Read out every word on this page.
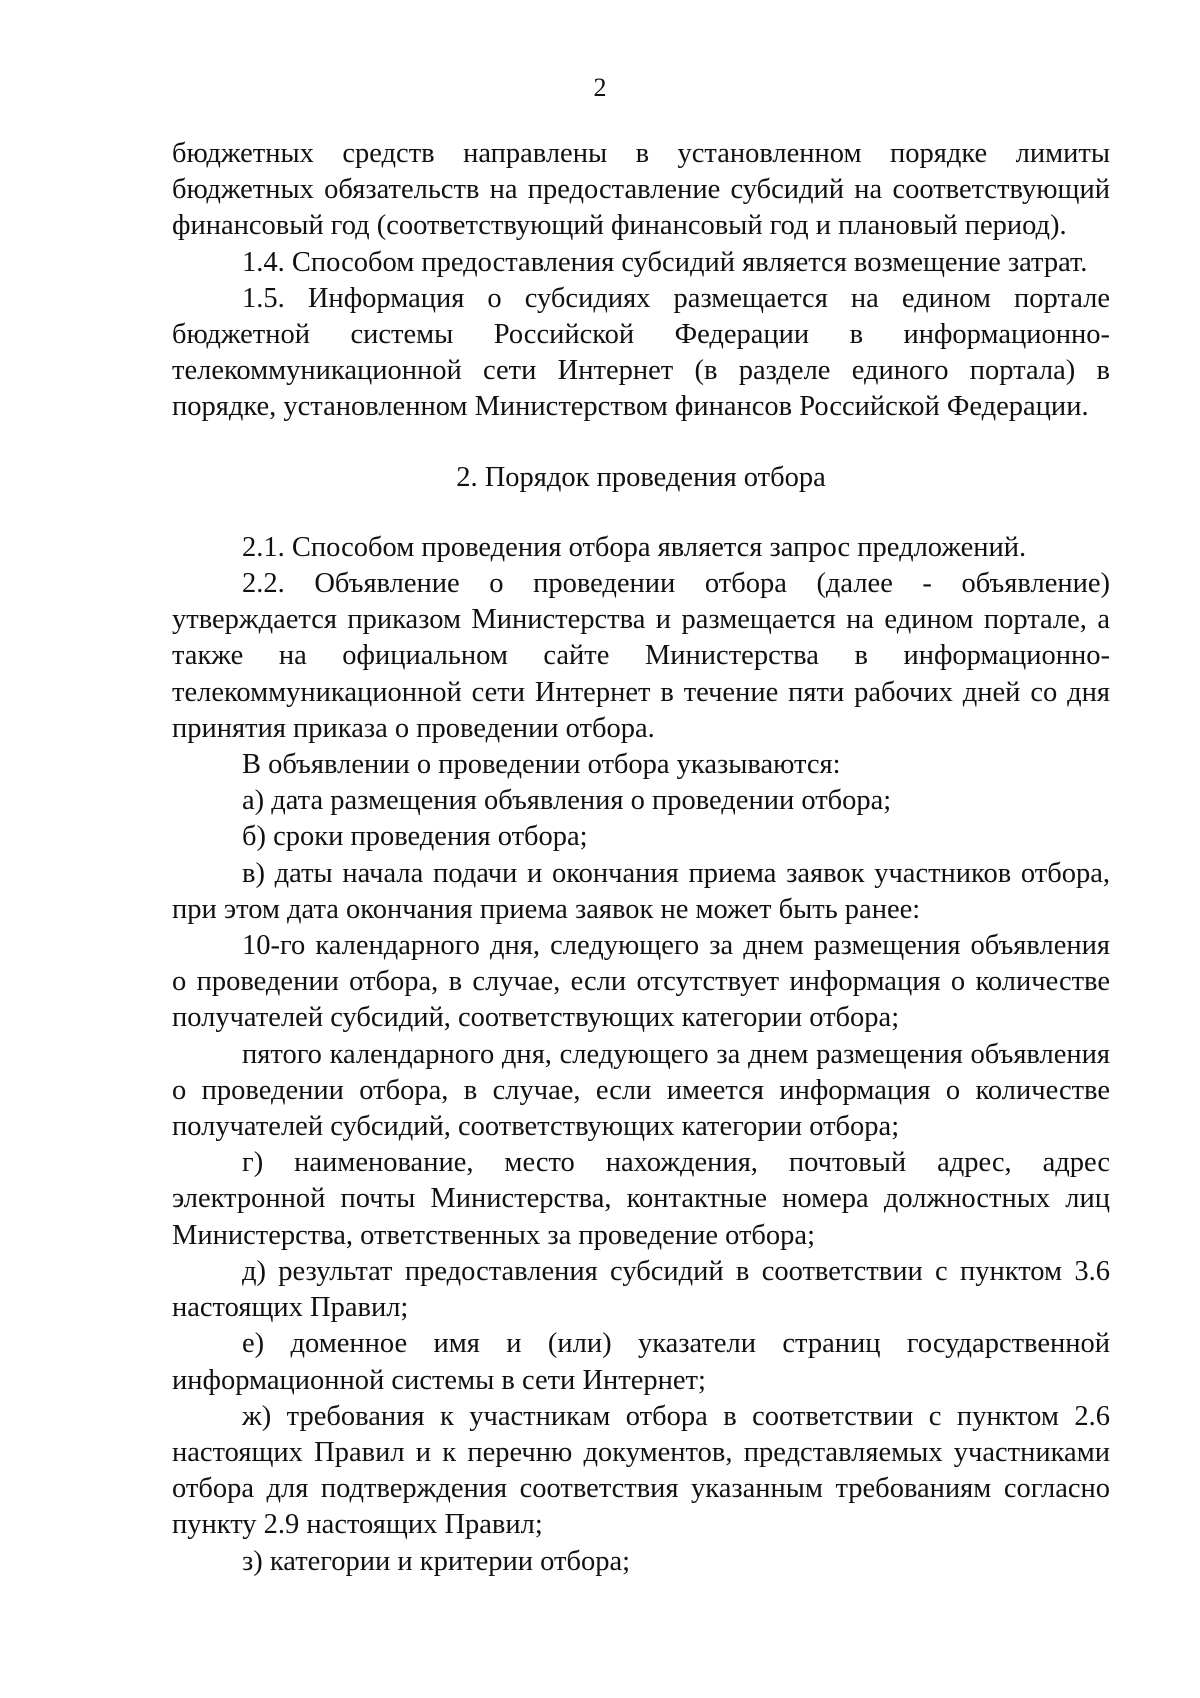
2

бюджетных средств направлены в установленном порядке лимиты бюджетных обязательств на предоставление субсидий на соответствующий финансовый год (соответствующий финансовый год и плановый период).

1.4. Способом предоставления субсидий является возмещение затрат.

1.5. Информация о субсидиях размещается на едином портале бюджетной системы Российской Федерации в информационно-телекоммуникационной сети Интернет (в разделе единого портала) в порядке, установленном Министерством финансов Российской Федерации.

2. Порядок проведения отбора

2.1. Способом проведения отбора является запрос предложений.

2.2. Объявление о проведении отбора (далее - объявление) утверждается приказом Министерства и размещается на едином портале, а также на официальном сайте Министерства в информационно-телекоммуникационной сети Интернет в течение пяти рабочих дней со дня принятия приказа о проведении отбора.

В объявлении о проведении отбора указываются:

а) дата размещения объявления о проведении отбора;

б) сроки проведения отбора;

в) даты начала подачи и окончания приема заявок участников отбора, при этом дата окончания приема заявок не может быть ранее:

10-го календарного дня, следующего за днем размещения объявления о проведении отбора, в случае, если отсутствует информация о количестве получателей субсидий, соответствующих категории отбора;

пятого календарного дня, следующего за днем размещения объявления о проведении отбора, в случае, если имеется информация о количестве получателей субсидий, соответствующих категории отбора;

г) наименование, место нахождения, почтовый адрес, адрес электронной почты Министерства, контактные номера должностных лиц Министерства, ответственных за проведение отбора;

д) результат предоставления субсидий в соответствии с пунктом 3.6 настоящих Правил;

е) доменное имя и (или) указатели страниц государственной информационной системы в сети Интернет;

ж) требования к участникам отбора в соответствии с пунктом 2.6 настоящих Правил и к перечню документов, представляемых участниками отбора для подтверждения соответствия указанным требованиям согласно пункту 2.9 настоящих Правил;

з) категории и критерии отбора;
